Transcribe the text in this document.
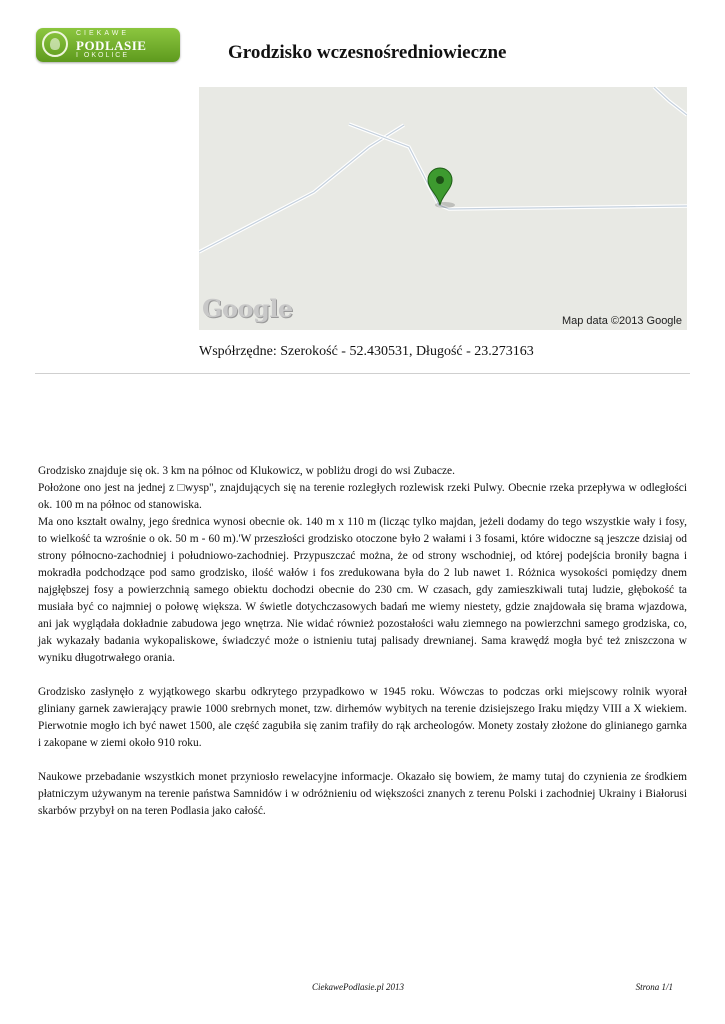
CIEKAWE
PODLASIE
I OKOLICE	Grodzisko wczesnośredniowieczne
Google	Map data ©2013 Google
Współrzędne: Szerokość - 52.430531, Długość - 23.273163

Grodzisko znajduje się ok. 3 km na północ od Klukowicz, w pobliżu drogi do wsi Zubacze.
Położone ono jest na jednej z □wysp", znajdujących się na terenie rozległych rozlewisk rzeki Pulwy. Obecnie rzeka przepływa w odległości ok. 100 m na północ od stanowiska.
Ma ono kształt owalny, jego średnica wynosi obecnie ok. 140 m x 110 m (licząc tylko majdan, jeżeli dodamy do tego wszystkie wały i fosy, to wielkość ta wzrośnie o ok. 50 m - 60 m).'W przeszłości grodzisko otoczone było 2 wałami i 3 fosami, które widoczne są jeszcze dzisiaj od strony północno-zachodniej i południowo-zachodniej. Przypuszczać można, że od strony wschodniej, od której podejścia broniły bagna i mokradła podchodzące pod samo grodzisko, ilość wałów i fos zredukowana była do 2 lub nawet 1. Różnica wysokości pomiędzy dnem najgłębszej fosy a powierzchnią samego obiektu dochodzi obecnie do 230 cm. W czasach, gdy zamieszkiwali tutaj ludzie, głębokość ta musiała być co najmniej o połowę większa. W świetle dotychczasowych badań me wiemy niestety, gdzie znajdowała się brama wjazdowa, ani jak wyglądała dokładnie zabudowa jego wnętrza. Nie widać również pozostałości wału ziemnego na powierzchni samego grodziska, co, jak wykazały badania wykopaliskowe, świadczyć może o istnieniu tutaj palisady drewnianej. Sama krawędź mogła być też zniszczona w wyniku długotrwałego orania.

Grodzisko zasłynęło z wyjątkowego skarbu odkrytego przypadkowo w 1945 roku. Wówczas to podczas orki miejscowy rolnik wyorał gliniany garnek zawierający prawie 1000 srebrnych monet, tzw. dirhemów wybitych na terenie dzisiejszego Iraku między VIII a X wiekiem. Pierwotnie mogło ich być nawet 1500, ale część zagubiła się zanim trafiły do rąk archeologów. Monety zostały złożone do glinianego garnka i zakopane w ziemi około 910 roku.

Naukowe przebadanie wszystkich monet przyniosło rewelacyjne informacje. Okazało się bowiem, że mamy tutaj do czynienia ze środkiem płatniczym używanym na terenie państwa Samnidów i w odróżnieniu od większości znanych z terenu Polski i zachodniej Ukrainy i Białorusi skarbów przybył on na teren Podlasia jako całość.

CiekawePodlasie.pl 2013	Strona 1/1
